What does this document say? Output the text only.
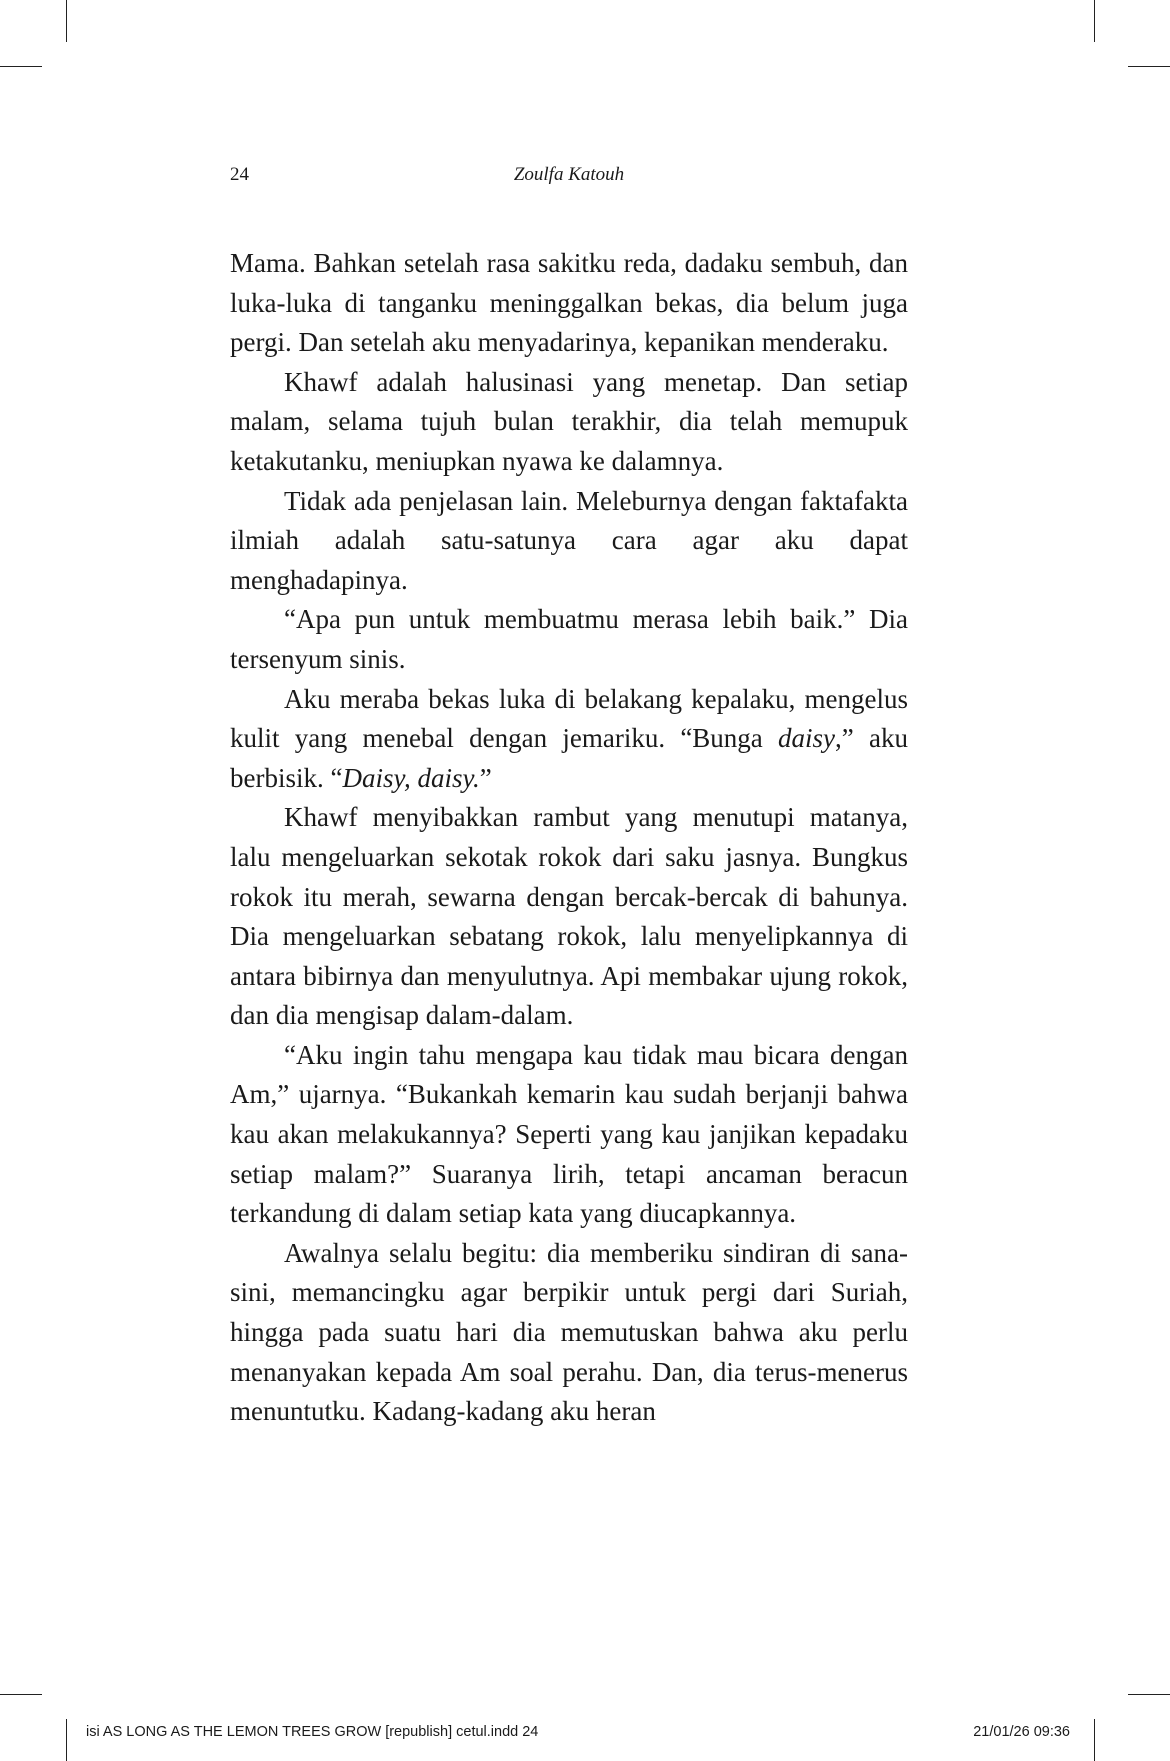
24	Zoulfa Katouh

Mama. Bahkan setelah rasa sakitku reda, dadaku sembuh, dan luka-luka di tanganku meninggalkan bekas, dia belum juga pergi. Dan setelah aku menyadarinya, kepanikan menderaku.

Khawf adalah halusinasi yang menetap. Dan setiap malam, selama tujuh bulan terakhir, dia telah memupuk ketakutanku, meniupkan nyawa ke dalamnya.

Tidak ada penjelasan lain. Meleburnya dengan faktafakta ilmiah adalah satu-satunya cara agar aku dapat menghadapinya.

“Apa pun untuk membuatmu merasa lebih baik.” Dia tersenyum sinis.

Aku meraba bekas luka di belakang kepalaku, mengelus kulit yang menebal dengan jemariku. “Bunga daisy,” aku berbisik. “Daisy, daisy.”

Khawf menyibakkan rambut yang menutupi matanya, lalu mengeluarkan sekotak rokok dari saku jasnya. Bungkus rokok itu merah, sewarna dengan bercak-bercak di bahunya. Dia mengeluarkan sebatang rokok, lalu menyelipkannya di antara bibirnya dan menyulutnya. Api membakar ujung rokok, dan dia mengisap dalam-dalam.

“Aku ingin tahu mengapa kau tidak mau bicara dengan Am,” ujarnya. “Bukankah kemarin kau sudah berjanji bahwa kau akan melakukannya? Seperti yang kau janjikan kepadaku setiap malam?” Suaranya lirih, tetapi ancaman beracun terkandung di dalam setiap kata yang diucapkannya.

Awalnya selalu begitu: dia memberiku sindiran di sana-sini, memancingku agar berpikir untuk pergi dari Suriah, hingga pada suatu hari dia memutuskan bahwa aku perlu menanyakan kepada Am soal perahu. Dan, dia terus-menerus menuntutku. Kadang-kadang aku heran

isi AS LONG AS THE LEMON TREES GROW [republish] cetul.indd 24	21/01/26 09:36
